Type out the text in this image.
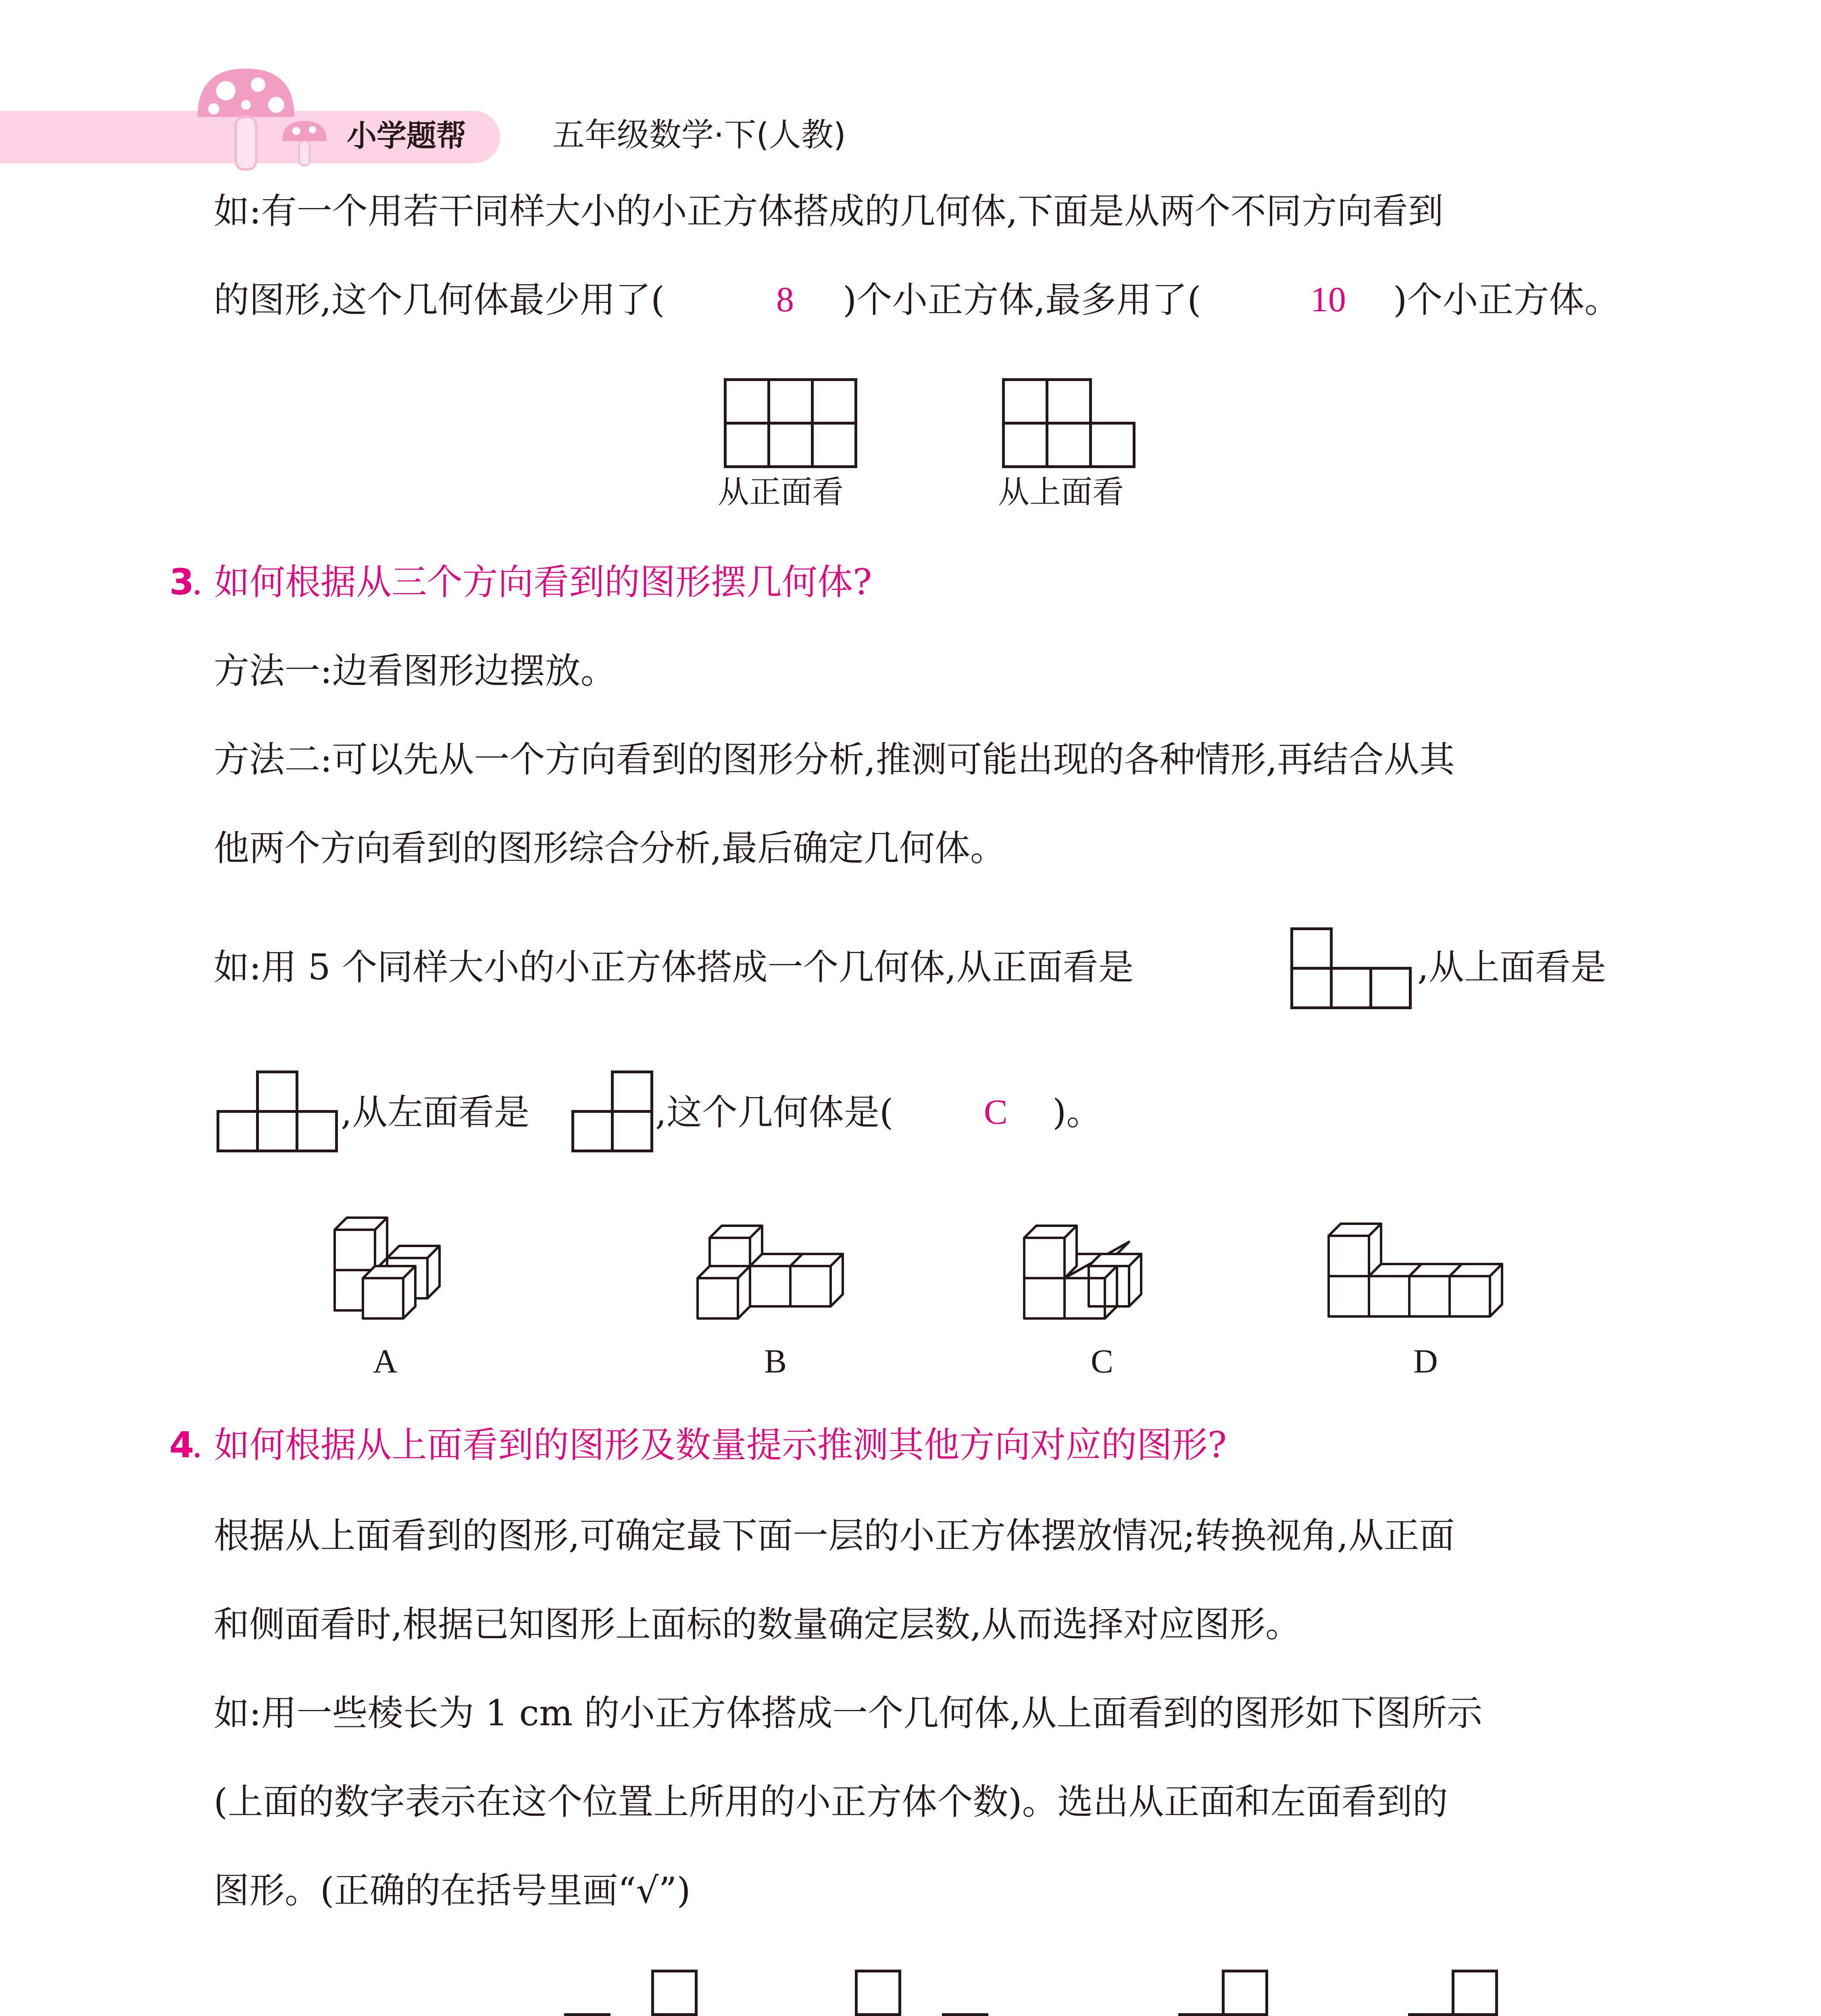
小学题帮	五年级数学·下(人教)
如:有一个用若干同样大小的小正方体搭成的几何体,下面是从两个不同方向看到
的图形,这个几何体最少用了(	8 )个小正方体,最多用了(	10 )个小正方体。
从正面看	从上面看
3
. 如何根据从三个方向看到的图形摆几何体?
方法一:边看图形边摆放。
方法二:可以先从一个方向看到的图形分析,推测可能出现的各种情形,再结合从其
他两个方向看到的图形综合分析,最后确定几何体。
如:用 5 个同样大小的小正方体搭成一个几何体,从正面看是	,从上面看是
,从左面看是	,这个几何体是(	C )。
A	B	C	D
4
. 如何根据从上面看到的图形及数量提示推测其他方向对应的图形?
根据从上面看到的图形,可确定最下面一层的小正方体摆放情况;转换视角,从正面
和侧面看时,根据已知图形上面标的数量确定层数,从而选择对应图形。
如:用一些棱长为 1 cm 的小正方体搭成一个几何体,从上面看到的图形如下图所示
(上面的数字表示在这个位置上所用的小正方体个数)。选出从正面和左面看到的
图形。(正确的在括号里画“√”)
